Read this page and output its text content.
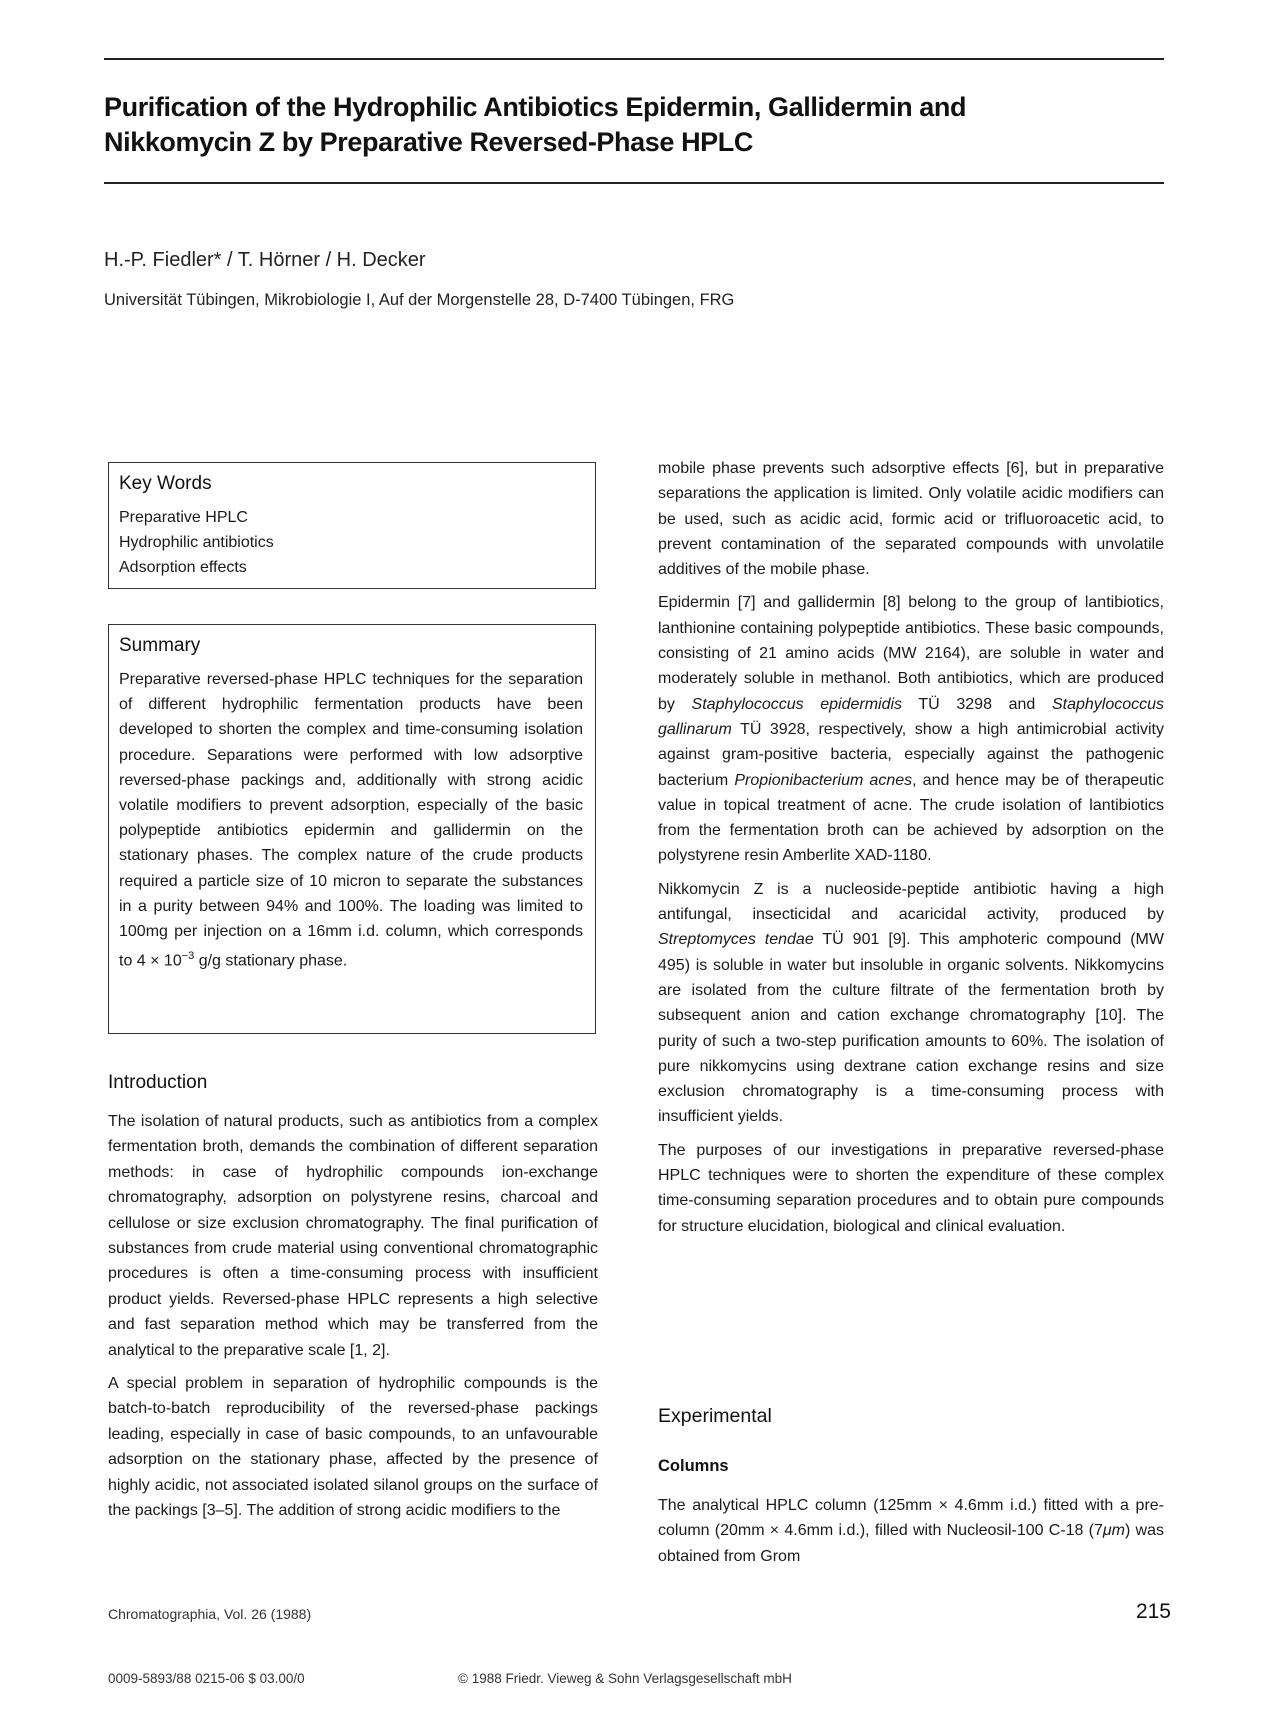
Purification of the Hydrophilic Antibiotics Epidermin, Gallidermin and
Nikkomycin Z by Preparative Reversed-Phase HPLC
H.-P. Fiedler* / T. Hörner / H. Decker
Universität Tübingen, Mikrobiologie I, Auf der Morgenstelle 28, D-7400 Tübingen, FRG
Key Words
Preparative HPLC
Hydrophilic antibiotics
Adsorption effects
Summary

Preparative reversed-phase HPLC techniques for the separation of different hydrophilic fermentation products have been developed to shorten the complex and time-consuming isolation procedure. Separations were performed with low adsorptive reversed-phase packings and, additionally with strong acidic volatile modifiers to prevent adsorption, especially of the basic polypeptide antibiotics epidermin and gallidermin on the stationary phases. The complex nature of the crude products required a particle size of 10 micron to separate the substances in a purity between 94% and 100%. The loading was limited to 100mg per injection on a 16mm i.d. column, which corresponds to $4 \times 10^{-3}$ g/g stationary phase.

Introduction

The isolation of natural products, such as antibiotics from a complex fermentation broth, demands the combination of different separation methods: in case of hydrophilic compounds ion-exchange chromatography, adsorption on polystyrene resins, charcoal and cellulose or size exclusion chromatography. The final purification of substances from crude material using conventional chromatographic procedures is often a time-consuming process with insufficient product yields. Reversed-phase HPLC represents a high selective and fast separation method which may be transferred from the analytical to the preparative scale [1, 2].

A special problem in separation of hydrophilic compounds is the batch-to-batch reproducibility of the reversed-phase packings leading, especially in case of basic compounds, to an unfavourable adsorption on the stationary phase, affected by the presence of highly acidic, not associated isolated silanol groups on the surface of the packings [3–5]. The addition of strong acidic modifiers to the

mobile phase prevents such adsorptive effects [6], but in preparative separations the application is limited. Only volatile acidic modifiers can be used, such as acidic acid, formic acid or trifluoroacetic acid, to prevent contamination of the separated compounds with unvolatile additives of the mobile phase.

Epidermin [7] and gallidermin [8] belong to the group of lantibiotics, lanthionine containing polypeptide antibiotics. These basic compounds, consisting of 21 amino acids (MW 2164), are soluble in water and moderately soluble in methanol. Both antibiotics, which are produced by Staphylococcus epidermidis TÜ 3298 and Staphylococcus gallinarum TÜ 3928, respectively, show a high antimicrobial activity against gram-positive bacteria, especially against the pathogenic bacterium Propionibacterium acnes, and hence may be of therapeutic value in topical treatment of acne. The crude isolation of lantibiotics from the fermentation broth can be achieved by adsorption on the polystyrene resin Amberlite XAD-1180.

Nikkomycin Z is a nucleoside-peptide antibiotic having a high antifungal, insecticidal and acaricidal activity, produced by Streptomyces tendae TÜ 901 [9]. This amphoteric compound (MW 495) is soluble in water but insoluble in organic solvents. Nikkomycins are isolated from the culture filtrate of the fermentation broth by subsequent anion and cation exchange chromatography [10]. The purity of such a two-step purification amounts to 60%. The isolation of pure nikkomycins using dextrane cation exchange resins and size exclusion chromatography is a time-consuming process with insufficient yields.

The purposes of our investigations in preparative reversed-phase HPLC techniques were to shorten the expenditure of these complex time-consuming separation procedures and to obtain pure compounds for structure elucidation, biological and clinical evaluation.

Experimental
Columns

The analytical HPLC column (125mm × 4.6mm i.d.) fitted with a pre-column (20mm × 4.6mm i.d.), filled with Nucleosil-100 C-18 (7μm) was obtained from Grom

Chromatographia, Vol. 26 (1988)	215
0009-5893/88 0215-06 $ 03.00/0	© 1988 Friedr. Vieweg & Sohn Verlagsgesellschaft mbH
